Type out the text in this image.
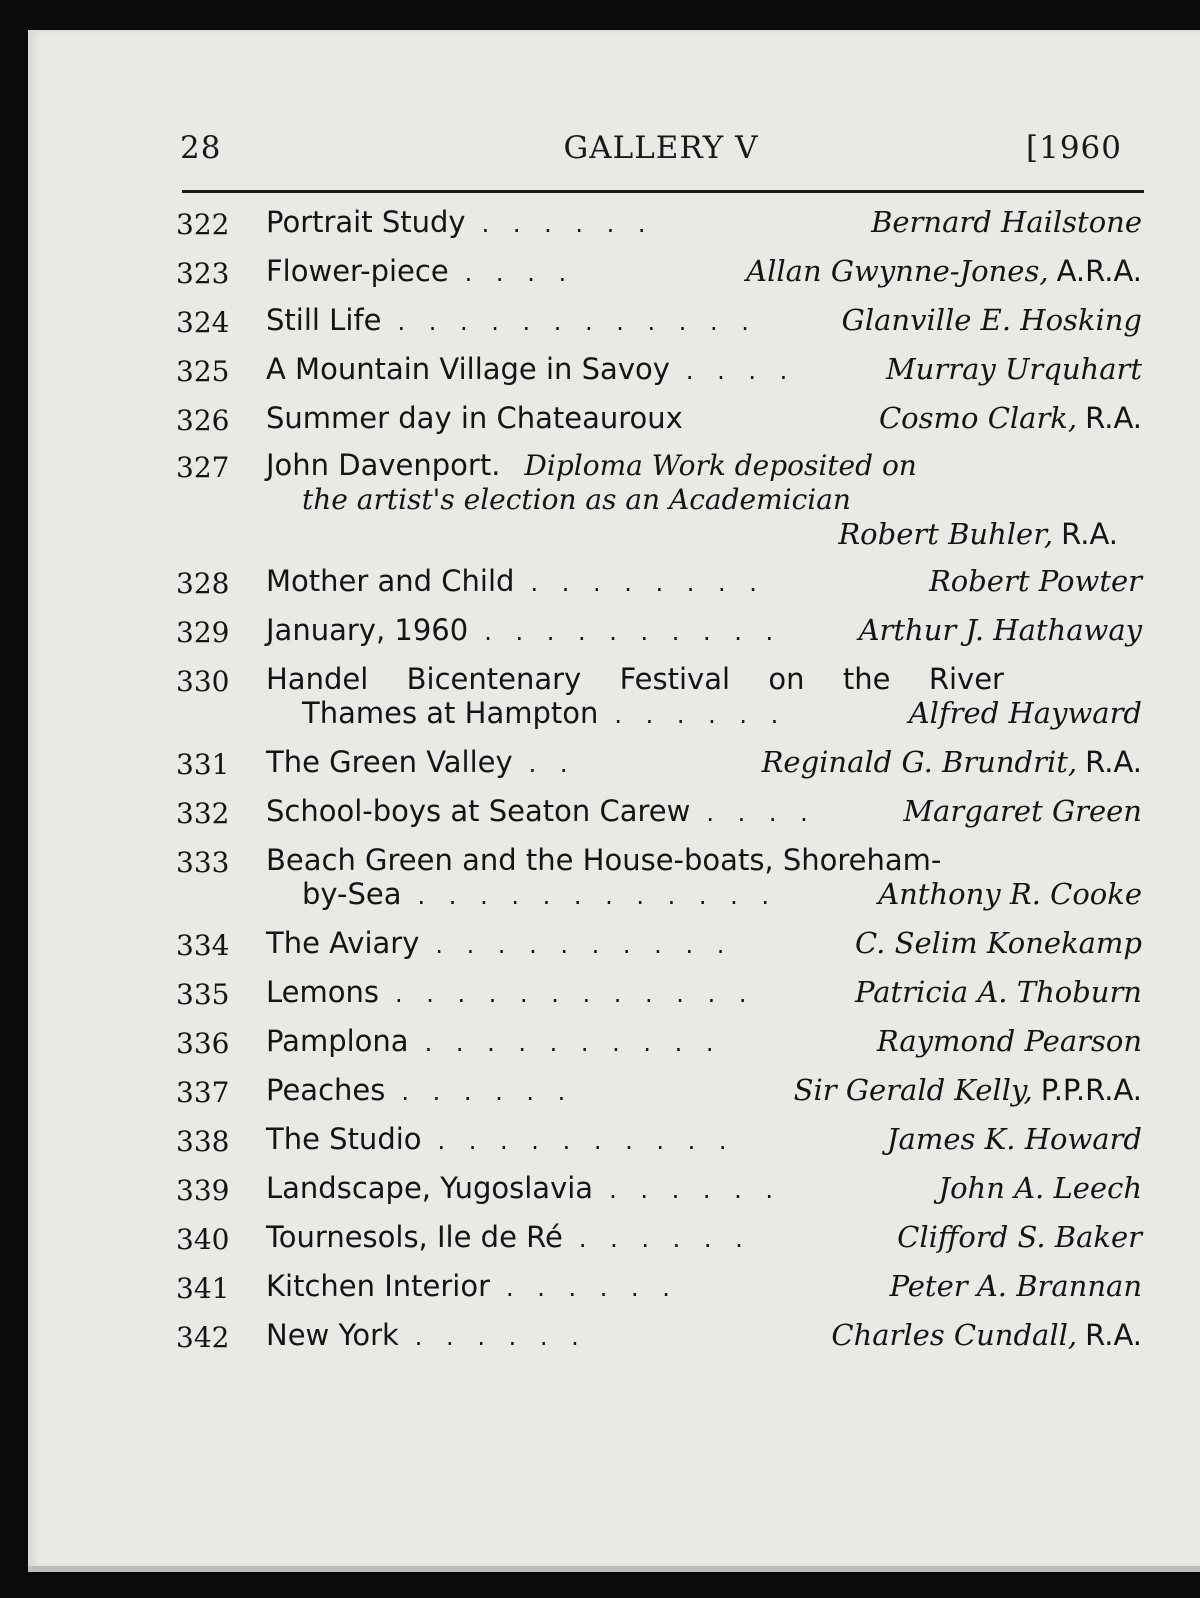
28	GALLERY V	[1960
322	Portrait Study . . . . . .	Bernard Hailstone
323	Flower-piece . . . .	Allan Gwynne-Jones, A.R.A.
324	Still Life . . . . . . . . . . . .	Glanville E. Hosking
325	A Mountain Village in Savoy . . . .	Murray Urquhart
326	Summer day in Chateauroux	Cosmo Clark, R.A.
327	John Davenport. Diploma Work deposited on
the artist's election as an Academician
Robert Buhler, R.A.
328	Mother and Child . . . . . . . .	Robert Powter
329	January, 1960 . . . . . . . . . .	Arthur J. Hathaway
330	Handel Bicentenary Festival on the River
Thames at Hampton . . . . . .	Alfred Hayward
331	The Green Valley . .	Reginald G. Brundrit, R.A.
332	School-boys at Seaton Carew . . . .	Margaret Green
333	Beach Green and the House-boats, Shoreham-
by-Sea . . . . . . . . . . . .	Anthony R. Cooke
334	The Aviary . . . . . . . . . .	C. Selim Konekamp
335	Lemons . . . . . . . . . . . .	Patricia A. Thoburn
336	Pamplona . . . . . . . . . .	Raymond Pearson
337	Peaches . . . . . .	Sir Gerald Kelly, P.P.R.A.
338	The Studio . . . . . . . . . .	James K. Howard
339	Landscape, Yugoslavia . . . . . .	John A. Leech
340	Tournesols, Ile de Ré . . . . . .	Clifford S. Baker
341	Kitchen Interior . . . . . .	Peter A. Brannan
342	New York . . . . . .	Charles Cundall, R.A.
